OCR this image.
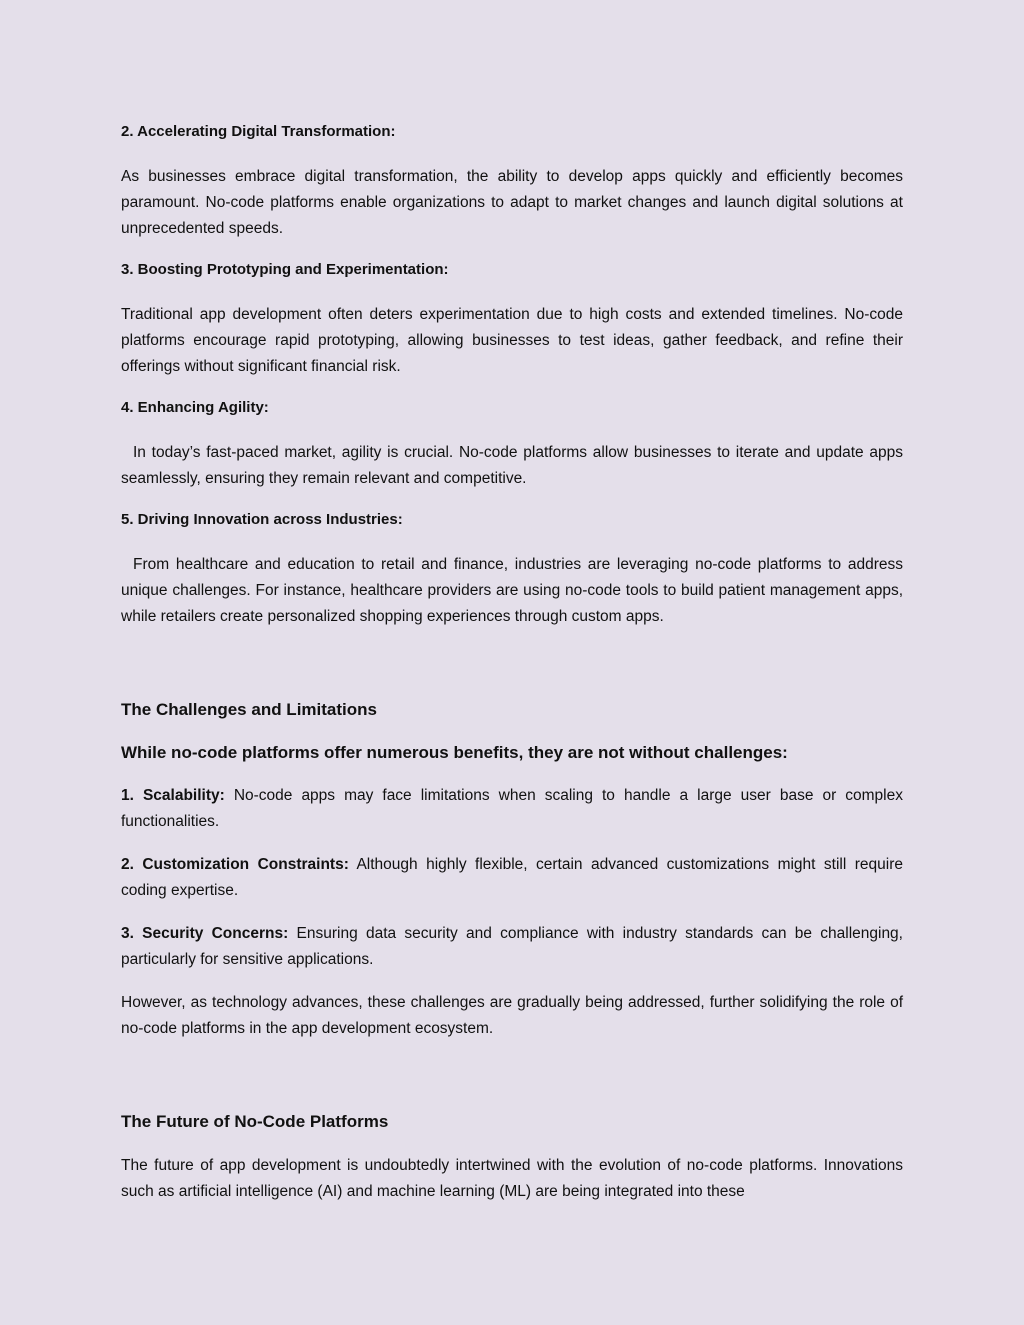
2. Accelerating Digital Transformation:
As businesses embrace digital transformation, the ability to develop apps quickly and efficiently becomes paramount. No-code platforms enable organizations to adapt to market changes and launch digital solutions at unprecedented speeds.
3. Boosting Prototyping and Experimentation:
Traditional app development often deters experimentation due to high costs and extended timelines. No-code platforms encourage rapid prototyping, allowing businesses to test ideas, gather feedback, and refine their offerings without significant financial risk.
4. Enhancing Agility:
In today’s fast-paced market, agility is crucial. No-code platforms allow businesses to iterate and update apps seamlessly, ensuring they remain relevant and competitive.
5. Driving Innovation across Industries:
From healthcare and education to retail and finance, industries are leveraging no-code platforms to address unique challenges. For instance, healthcare providers are using no-code tools to build patient management apps, while retailers create personalized shopping experiences through custom apps.
The Challenges and Limitations
While no-code platforms offer numerous benefits, they are not without challenges:
1. Scalability: No-code apps may face limitations when scaling to handle a large user base or complex functionalities.
2. Customization Constraints: Although highly flexible, certain advanced customizations might still require coding expertise.
3. Security Concerns: Ensuring data security and compliance with industry standards can be challenging, particularly for sensitive applications.
However, as technology advances, these challenges are gradually being addressed, further solidifying the role of no-code platforms in the app development ecosystem.
The Future of No-Code Platforms
The future of app development is undoubtedly intertwined with the evolution of no-code platforms. Innovations such as artificial intelligence (AI) and machine learning (ML) are being integrated into these
